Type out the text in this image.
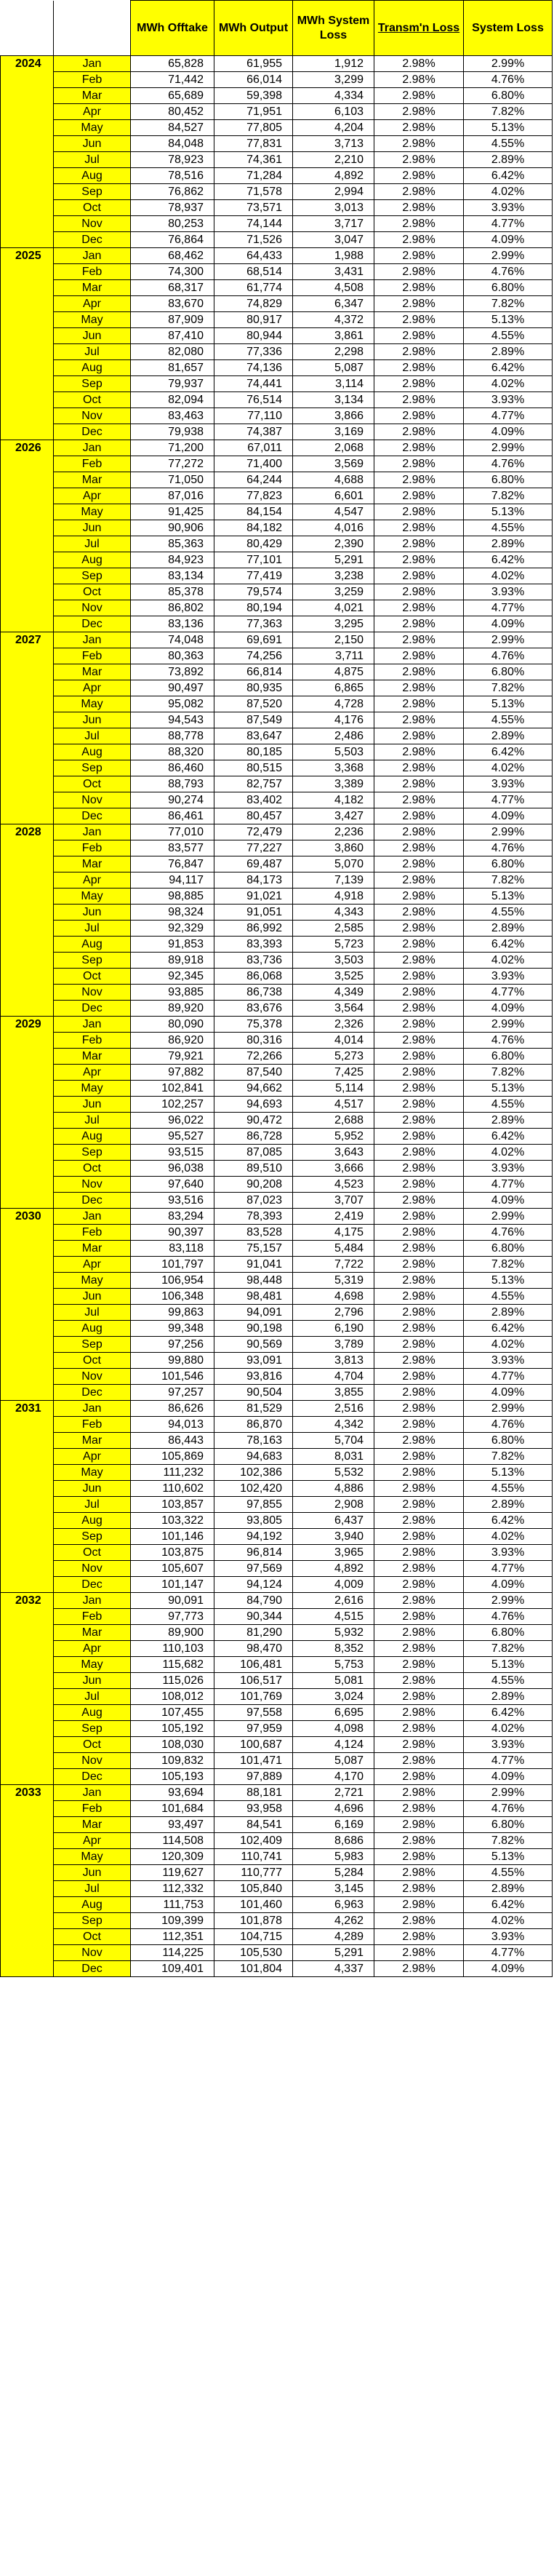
		MWh Offtake	MWh Output	MWh System Loss	Transm'n Loss	System Loss
2024	Jan	65,828	61,955	1,912	2.98%	2.99%
	Feb	71,442	66,014	3,299	2.98%	4.76%
	Mar	65,689	59,398	4,334	2.98%	6.80%
	Apr	80,452	71,951	6,103	2.98%	7.82%
	May	84,527	77,805	4,204	2.98%	5.13%
	Jun	84,048	77,831	3,713	2.98%	4.55%
	Jul	78,923	74,361	2,210	2.98%	2.89%
	Aug	78,516	71,284	4,892	2.98%	6.42%
	Sep	76,862	71,578	2,994	2.98%	4.02%
	Oct	78,937	73,571	3,013	2.98%	3.93%
	Nov	80,253	74,144	3,717	2.98%	4.77%
	Dec	76,864	71,526	3,047	2.98%	4.09%
2025	Jan	68,462	64,433	1,988	2.98%	2.99%
	Feb	74,300	68,514	3,431	2.98%	4.76%
	Mar	68,317	61,774	4,508	2.98%	6.80%
	Apr	83,670	74,829	6,347	2.98%	7.82%
	May	87,909	80,917	4,372	2.98%	5.13%
	Jun	87,410	80,944	3,861	2.98%	4.55%
	Jul	82,080	77,336	2,298	2.98%	2.89%
	Aug	81,657	74,136	5,087	2.98%	6.42%
	Sep	79,937	74,441	3,114	2.98%	4.02%
	Oct	82,094	76,514	3,134	2.98%	3.93%
	Nov	83,463	77,110	3,866	2.98%	4.77%
	Dec	79,938	74,387	3,169	2.98%	4.09%
2026	Jan	71,200	67,011	2,068	2.98%	2.99%
	Feb	77,272	71,400	3,569	2.98%	4.76%
	Mar	71,050	64,244	4,688	2.98%	6.80%
	Apr	87,016	77,823	6,601	2.98%	7.82%
	May	91,425	84,154	4,547	2.98%	5.13%
	Jun	90,906	84,182	4,016	2.98%	4.55%
	Jul	85,363	80,429	2,390	2.98%	2.89%
	Aug	84,923	77,101	5,291	2.98%	6.42%
	Sep	83,134	77,419	3,238	2.98%	4.02%
	Oct	85,378	79,574	3,259	2.98%	3.93%
	Nov	86,802	80,194	4,021	2.98%	4.77%
	Dec	83,136	77,363	3,295	2.98%	4.09%
2027	Jan	74,048	69,691	2,150	2.98%	2.99%
	Feb	80,363	74,256	3,711	2.98%	4.76%
	Mar	73,892	66,814	4,875	2.98%	6.80%
	Apr	90,497	80,935	6,865	2.98%	7.82%
	May	95,082	87,520	4,728	2.98%	5.13%
	Jun	94,543	87,549	4,176	2.98%	4.55%
	Jul	88,778	83,647	2,486	2.98%	2.89%
	Aug	88,320	80,185	5,503	2.98%	6.42%
	Sep	86,460	80,515	3,368	2.98%	4.02%
	Oct	88,793	82,757	3,389	2.98%	3.93%
	Nov	90,274	83,402	4,182	2.98%	4.77%
	Dec	86,461	80,457	3,427	2.98%	4.09%
2028	Jan	77,010	72,479	2,236	2.98%	2.99%
	Feb	83,577	77,227	3,860	2.98%	4.76%
	Mar	76,847	69,487	5,070	2.98%	6.80%
	Apr	94,117	84,173	7,139	2.98%	7.82%
	May	98,885	91,021	4,918	2.98%	5.13%
	Jun	98,324	91,051	4,343	2.98%	4.55%
	Jul	92,329	86,992	2,585	2.98%	2.89%
	Aug	91,853	83,393	5,723	2.98%	6.42%
	Sep	89,918	83,736	3,503	2.98%	4.02%
	Oct	92,345	86,068	3,525	2.98%	3.93%
	Nov	93,885	86,738	4,349	2.98%	4.77%
	Dec	89,920	83,676	3,564	2.98%	4.09%
2029	Jan	80,090	75,378	2,326	2.98%	2.99%
	Feb	86,920	80,316	4,014	2.98%	4.76%
	Mar	79,921	72,266	5,273	2.98%	6.80%
	Apr	97,882	87,540	7,425	2.98%	7.82%
	May	102,841	94,662	5,114	2.98%	5.13%
	Jun	102,257	94,693	4,517	2.98%	4.55%
	Jul	96,022	90,472	2,688	2.98%	2.89%
	Aug	95,527	86,728	5,952	2.98%	6.42%
	Sep	93,515	87,085	3,643	2.98%	4.02%
	Oct	96,038	89,510	3,666	2.98%	3.93%
	Nov	97,640	90,208	4,523	2.98%	4.77%
	Dec	93,516	87,023	3,707	2.98%	4.09%
2030	Jan	83,294	78,393	2,419	2.98%	2.99%
	Feb	90,397	83,528	4,175	2.98%	4.76%
	Mar	83,118	75,157	5,484	2.98%	6.80%
	Apr	101,797	91,041	7,722	2.98%	7.82%
	May	106,954	98,448	5,319	2.98%	5.13%
	Jun	106,348	98,481	4,698	2.98%	4.55%
	Jul	99,863	94,091	2,796	2.98%	2.89%
	Aug	99,348	90,198	6,190	2.98%	6.42%
	Sep	97,256	90,569	3,789	2.98%	4.02%
	Oct	99,880	93,091	3,813	2.98%	3.93%
	Nov	101,546	93,816	4,704	2.98%	4.77%
	Dec	97,257	90,504	3,855	2.98%	4.09%
2031	Jan	86,626	81,529	2,516	2.98%	2.99%
	Feb	94,013	86,870	4,342	2.98%	4.76%
	Mar	86,443	78,163	5,704	2.98%	6.80%
	Apr	105,869	94,683	8,031	2.98%	7.82%
	May	111,232	102,386	5,532	2.98%	5.13%
	Jun	110,602	102,420	4,886	2.98%	4.55%
	Jul	103,857	97,855	2,908	2.98%	2.89%
	Aug	103,322	93,805	6,437	2.98%	6.42%
	Sep	101,146	94,192	3,940	2.98%	4.02%
	Oct	103,875	96,814	3,965	2.98%	3.93%
	Nov	105,607	97,569	4,892	2.98%	4.77%
	Dec	101,147	94,124	4,009	2.98%	4.09%
2032	Jan	90,091	84,790	2,616	2.98%	2.99%
	Feb	97,773	90,344	4,515	2.98%	4.76%
	Mar	89,900	81,290	5,932	2.98%	6.80%
	Apr	110,103	98,470	8,352	2.98%	7.82%
	May	115,682	106,481	5,753	2.98%	5.13%
	Jun	115,026	106,517	5,081	2.98%	4.55%
	Jul	108,012	101,769	3,024	2.98%	2.89%
	Aug	107,455	97,558	6,695	2.98%	6.42%
	Sep	105,192	97,959	4,098	2.98%	4.02%
	Oct	108,030	100,687	4,124	2.98%	3.93%
	Nov	109,832	101,471	5,087	2.98%	4.77%
	Dec	105,193	97,889	4,170	2.98%	4.09%
2033	Jan	93,694	88,181	2,721	2.98%	2.99%
	Feb	101,684	93,958	4,696	2.98%	4.76%
	Mar	93,497	84,541	6,169	2.98%	6.80%
	Apr	114,508	102,409	8,686	2.98%	7.82%
	May	120,309	110,741	5,983	2.98%	5.13%
	Jun	119,627	110,777	5,284	2.98%	4.55%
	Jul	112,332	105,840	3,145	2.98%	2.89%
	Aug	111,753	101,460	6,963	2.98%	6.42%
	Sep	109,399	101,878	4,262	2.98%	4.02%
	Oct	112,351	104,715	4,289	2.98%	3.93%
	Nov	114,225	105,530	5,291	2.98%	4.77%
	Dec	109,401	101,804	4,337	2.98%	4.09%
